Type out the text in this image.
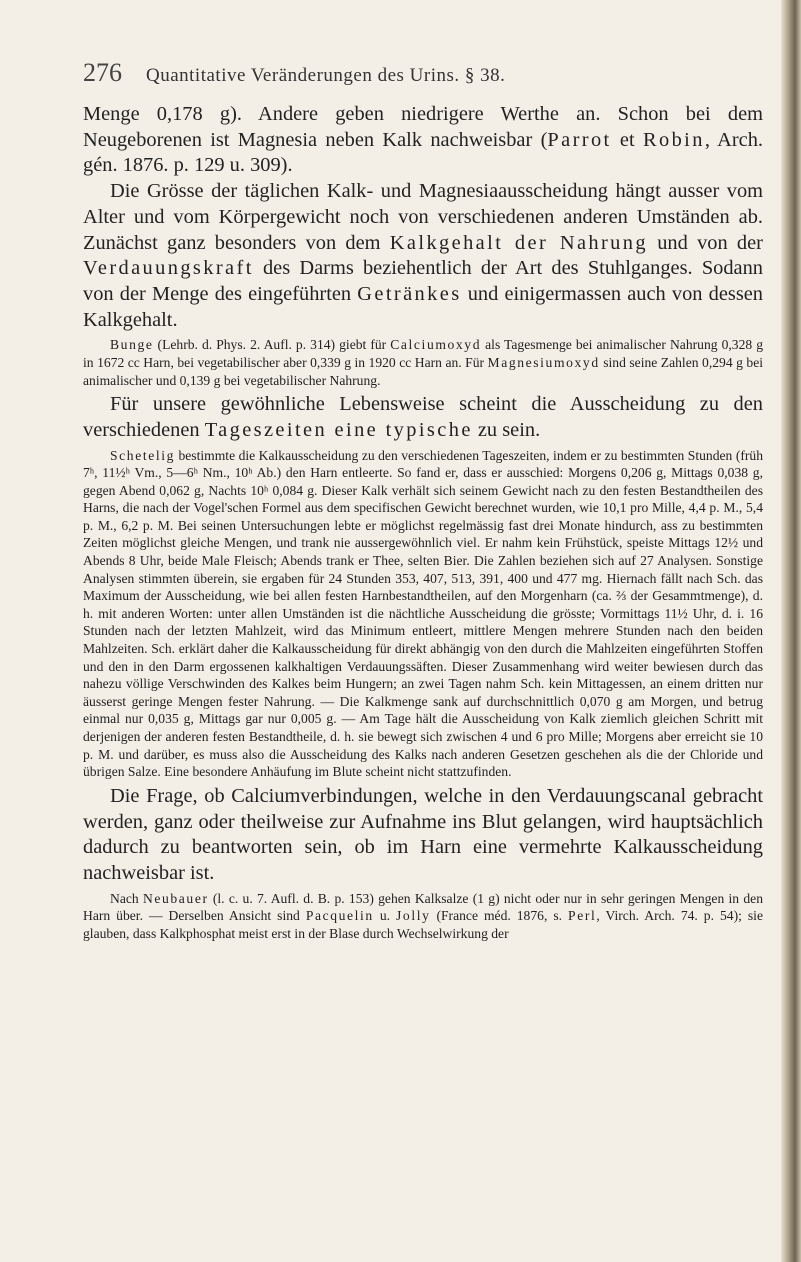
276 Quantitative Veränderungen des Urins. § 38.

Menge 0,178 g). Andere geben niedrigere Werthe an. Schon bei dem Neugeborenen ist Magnesia neben Kalk nachweisbar (Parrot et Robin, Arch. gén. 1876. p. 129 u. 309).

Die Grösse der täglichen Kalk- und Magnesiaausscheidung hängt ausser vom Alter und vom Körpergewicht noch von verschiedenen anderen Umständen ab. Zunächst ganz besonders von dem Kalkgehalt der Nahrung und von der Verdauungskraft des Darms beziehentlich der Art des Stuhlganges. Sodann von der Menge des eingeführten Getränkes und einigermassen auch von dessen Kalkgehalt.

Bunge (Lehrb. d. Phys. 2. Aufl. p. 314) giebt für Calciumoxyd als Tagesmenge bei animalischer Nahrung 0,328 g in 1672 cc Harn, bei vegetabilischer aber 0,339 g in 1920 cc Harn an. Für Magnesiumoxyd sind seine Zahlen 0,294 g bei animalischer und 0,139 g bei vegetabilischer Nahrung.

Für unsere gewöhnliche Lebensweise scheint die Ausscheidung zu den verschiedenen Tageszeiten eine typische zu sein.

Schetelig bestimmte die Kalkausscheidung zu den verschiedenen Tageszeiten, indem er zu bestimmten Stunden (früh 7ʰ, 11½ʰ Vm., 5—6ʰ Nm., 10ʰ Ab.) den Harn entleerte. So fand er, dass er ausschied: Morgens 0,206 g, Mittags 0,038 g, gegen Abend 0,062 g, Nachts 10ʰ 0,084 g. Dieser Kalk verhält sich seinem Gewicht nach zu den festen Bestandtheilen des Harns, die nach der Vogel'schen Formel aus dem specifischen Gewicht berechnet wurden, wie 10,1 pro Mille, 4,4 p. M., 5,4 p. M., 6,2 p. M. Bei seinen Untersuchungen lebte er möglichst regelmässig fast drei Monate hindurch, ass zu bestimmten Zeiten möglichst gleiche Mengen, und trank nie aussergewöhnlich viel. Er nahm kein Frühstück, speiste Mittags 12½ und Abends 8 Uhr, beide Male Fleisch; Abends trank er Thee, selten Bier. Die Zahlen beziehen sich auf 27 Analysen. Sonstige Analysen stimmten überein, sie ergaben für 24 Stunden 353, 407, 513, 391, 400 und 477 mg. Hiernach fällt nach Sch. das Maximum der Ausscheidung, wie bei allen festen Harnbestandtheilen, auf den Morgenharn (ca. ⅔ der Gesammtmenge), d. h. mit anderen Worten: unter allen Umständen ist die nächtliche Ausscheidung die grösste; Vormittags 11½ Uhr, d. i. 16 Stunden nach der letzten Mahlzeit, wird das Minimum entleert, mittlere Mengen mehrere Stunden nach den beiden Mahlzeiten. Sch. erklärt daher die Kalkausscheidung für direkt abhängig von den durch die Mahlzeiten eingeführten Stoffen und den in den Darm ergossenen kalkhaltigen Verdauungssäften. Dieser Zusammenhang wird weiter bewiesen durch das nahezu völlige Verschwinden des Kalkes beim Hungern; an zwei Tagen nahm Sch. kein Mittagessen, an einem dritten nur äusserst geringe Mengen fester Nahrung. — Die Kalkmenge sank auf durchschnittlich 0,070 g am Morgen, und betrug einmal nur 0,035 g, Mittags gar nur 0,005 g. — Am Tage hält die Ausscheidung von Kalk ziemlich gleichen Schritt mit derjenigen der anderen festen Bestandtheile, d. h. sie bewegt sich zwischen 4 und 6 pro Mille; Morgens aber erreicht sie 10 p. M. und darüber, es muss also die Ausscheidung des Kalks nach anderen Gesetzen geschehen als die der Chloride und übrigen Salze. Eine besondere Anhäufung im Blute scheint nicht stattzufinden.

Die Frage, ob Calciumverbindungen, welche in den Verdauungscanal gebracht werden, ganz oder theilweise zur Aufnahme ins Blut gelangen, wird hauptsächlich dadurch zu beantworten sein, ob im Harn eine vermehrte Kalkausscheidung nachweisbar ist.

Nach Neubauer (l. c. u. 7. Aufl. d. B. p. 153) gehen Kalksalze (1 g) nicht oder nur in sehr geringen Mengen in den Harn über. — Derselben Ansicht sind Pacquelin u. Jolly (France méd. 1876, s. Perl, Virch. Arch. 74. p. 54); sie glauben, dass Kalkphosphat meist erst in der Blase durch Wechselwirkung der
